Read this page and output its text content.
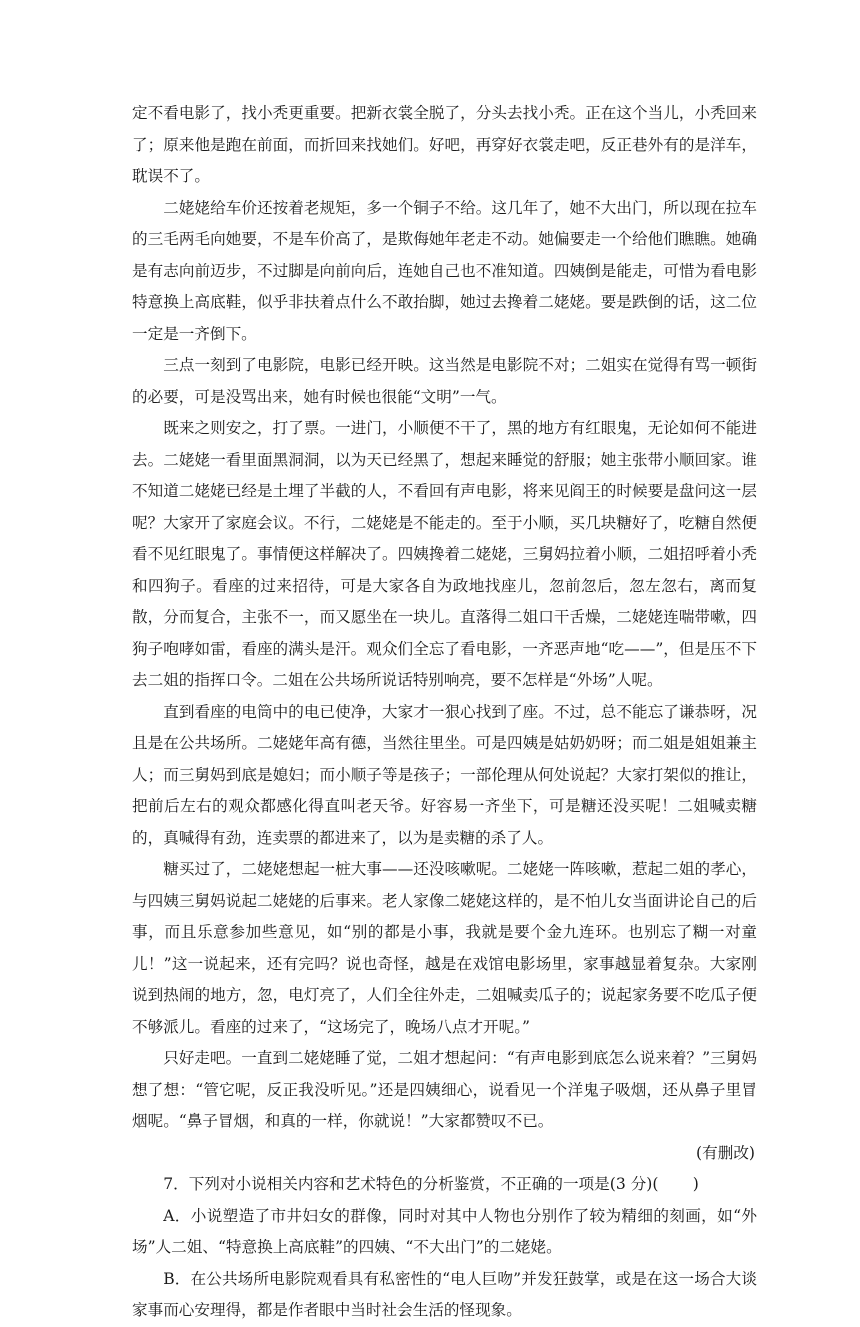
定不看电影了，找小秃更重要。把新衣裳全脱了，分头去找小秃。正在这个当儿，小秃回来了；原来他是跑在前面，而折回来找她们。好吧，再穿好衣裳走吧，反正巷外有的是洋车，耽误不了。

二姥姥给车价还按着老规矩，多一个铜子不给。这几年了，她不大出门，所以现在拉车的三毛两毛向她要，不是车价高了，是欺侮她年老走不动。她偏要走一个给他们瞧瞧。她确是有志向前迈步，不过脚是向前向后，连她自己也不准知道。四姨倒是能走，可惜为看电影特意换上高底鞋，似乎非扶着点什么不敢抬脚，她过去搀着二姥姥。要是跌倒的话，这二位一定是一齐倒下。

三点一刻到了电影院，电影已经开映。这当然是电影院不对；二姐实在觉得有骂一顿街的必要，可是没骂出来，她有时候也很能“文明”一气。

既来之则安之，打了票。一进门，小顺便不干了，黑的地方有红眼鬼，无论如何不能进去。二姥姥一看里面黑洞洞，以为天已经黑了，想起来睡觉的舒服；她主张带小顺回家。谁不知道二姥姥已经是土埋了半截的人，不看回有声电影，将来见阎王的时候要是盘问这一层呢？大家开了家庭会议。不行，二姥姥是不能走的。至于小顺，买几块糖好了，吃糖自然便看不见红眼鬼了。事情便这样解决了。四姨搀着二姥姥，三舅妈拉着小顺，二姐招呼着小秃和四狗子。看座的过来招待，可是大家各自为政地找座儿，忽前忽后，忽左忽右，离而复散，分而复合，主张不一，而又愿坐在一块儿。直落得二姐口干舌燥，二姥姥连喘带嗽，四狗子咆哮如雷，看座的满头是汗。观众们全忘了看电影，一齐恶声地“吃——”，但是压不下去二姐的指挥口令。二姐在公共场所说话特别响亮，要不怎样是“外场”人呢。

直到看座的电筒中的电已使净，大家才一狠心找到了座。不过，总不能忘了谦恭呀，况且是在公共场所。二姥姥年高有德，当然往里坐。可是四姨是姑奶奶呀；而二姐是姐姐兼主人；而三舅妈到底是媳妇；而小顺子等是孩子；一部伦理从何处说起？大家打架似的推让，把前后左右的观众都感化得直叫老天爷。好容易一齐坐下，可是糖还没买呢！二姐喊卖糖的，真喊得有劲，连卖票的都进来了，以为是卖糖的杀了人。

糖买过了，二姥姥想起一桩大事——还没咳嗽呢。二姥姥一阵咳嗽，惹起二姐的孝心，与四姨三舅妈说起二姥姥的后事来。老人家像二姥姥这样的，是不怕儿女当面讲论自己的后事，而且乐意参加些意见，如“别的都是小事，我就是要个金九连环。也别忘了糊一对童儿！”这一说起来，还有完吗？说也奇怪，越是在戏馆电影场里，家事越显着复杂。大家刚说到热闹的地方，忽，电灯亮了，人们全往外走，二姐喊卖瓜子的；说起家务要不吃瓜子便不够派儿。看座的过来了，“这场完了，晚场八点才开呢。”

只好走吧。一直到二姥姥睡了觉，二姐才想起问：“有声电影到底怎么说来着？”三舅妈想了想：“管它呢，反正我没听见。”还是四姨细心，说看见一个洋鬼子吸烟，还从鼻子里冒烟呢。“鼻子冒烟，和真的一样，你就说！”大家都赞叹不已。

(有删改)

7．下列对小说相关内容和艺术特色的分析鉴赏，不正确的一项是(3 分)( )

A．小说塑造了市井妇女的群像，同时对其中人物也分别作了较为精细的刻画，如“外场”人二姐、“特意换上高底鞋”的四姨、“不大出门”的二姥姥。

B．在公共场所电影院观看具有私密性的“电人巨吻”并发狂鼓掌，或是在这一场合大谈家事而心安理得，都是作者眼中当时社会生活的怪现象。
